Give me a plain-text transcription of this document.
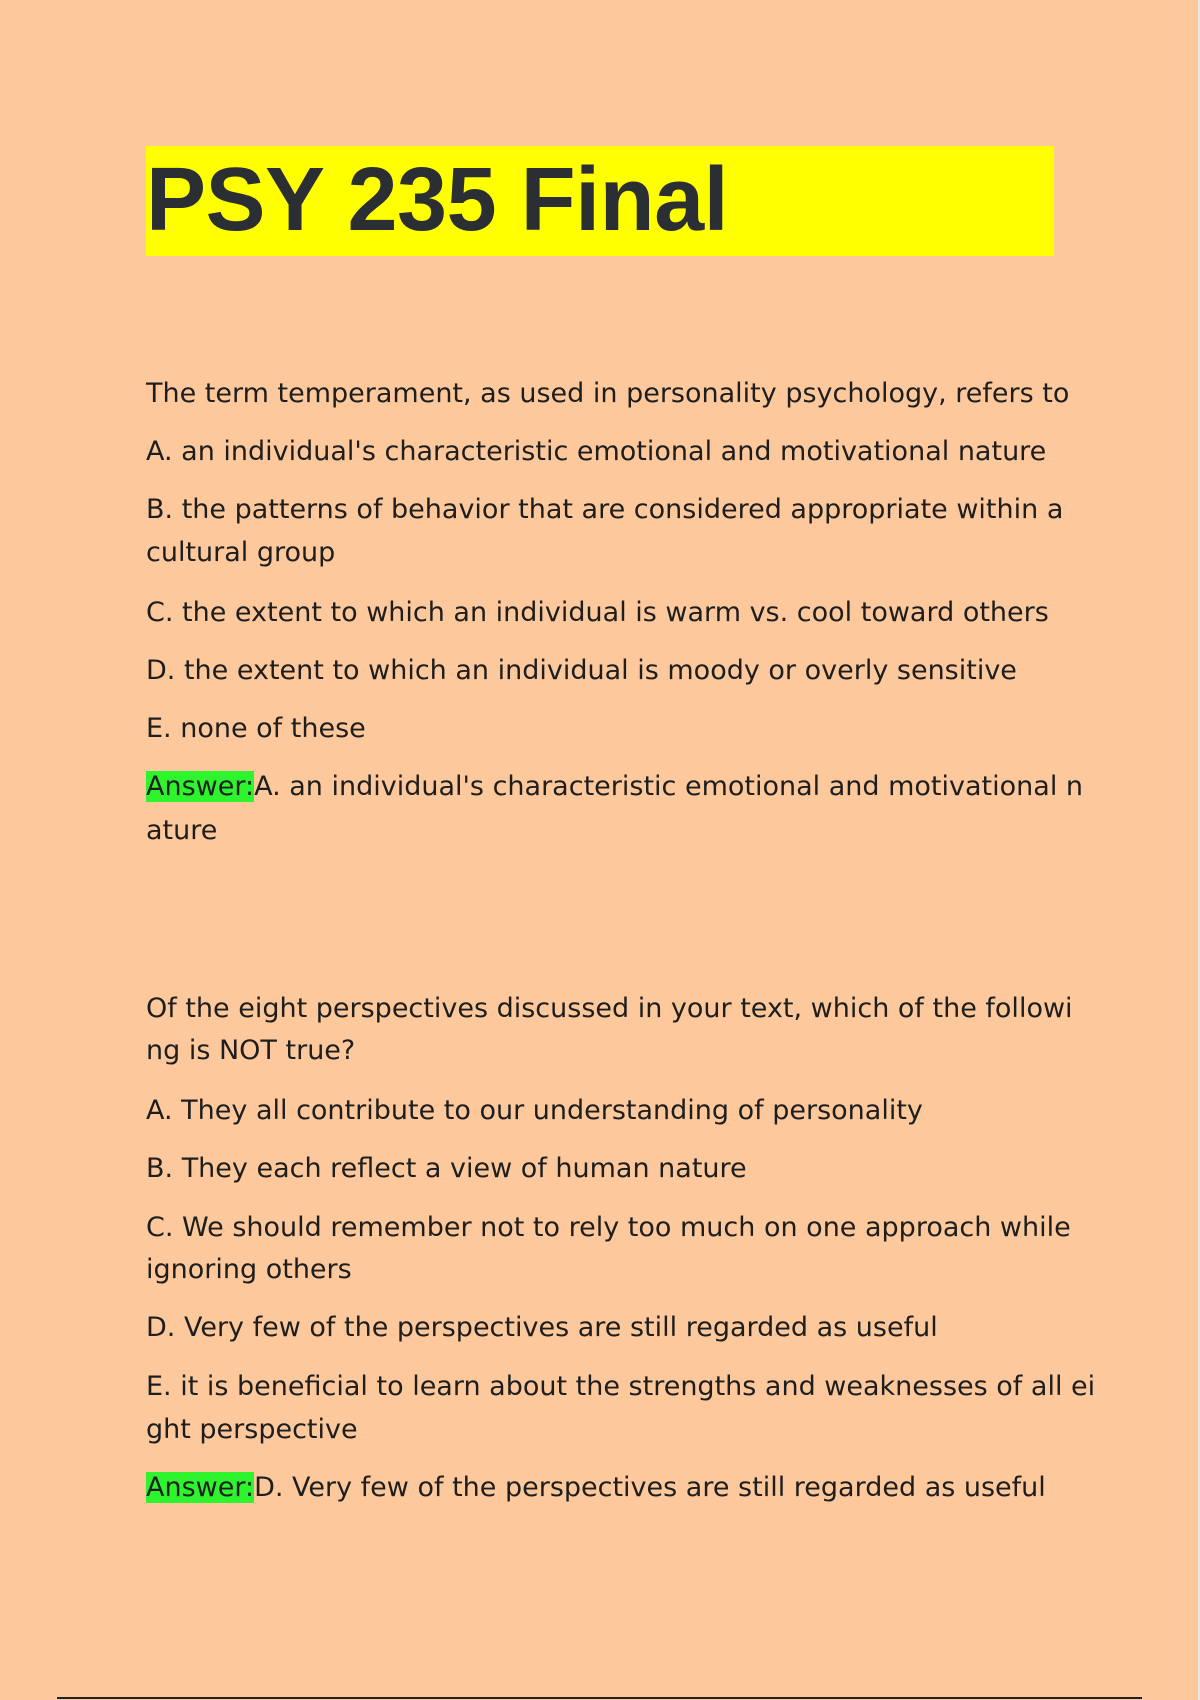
PSY 235 Final

The term temperament, as used in personality psychology, refers to

A. an individual's characteristic emotional and motivational nature

B. the patterns of behavior that are considered appropriate within a

cultural group

C. the extent to which an individual is warm vs. cool toward others

D. the extent to which an individual is moody or overly sensitive

E. none of these

Answer:A. an individual's characteristic emotional and motivational n

ature

Of the eight perspectives discussed in your text, which of the followi

ng is NOT true?

A. They all contribute to our understanding of personality

B. They each reflect a view of human nature

C. We should remember not to rely too much on one approach while

ignoring others

D. Very few of the perspectives are still regarded as useful

E. it is beneficial to learn about the strengths and weaknesses of all ei

ght perspective

Answer:D. Very few of the perspectives are still regarded as useful
